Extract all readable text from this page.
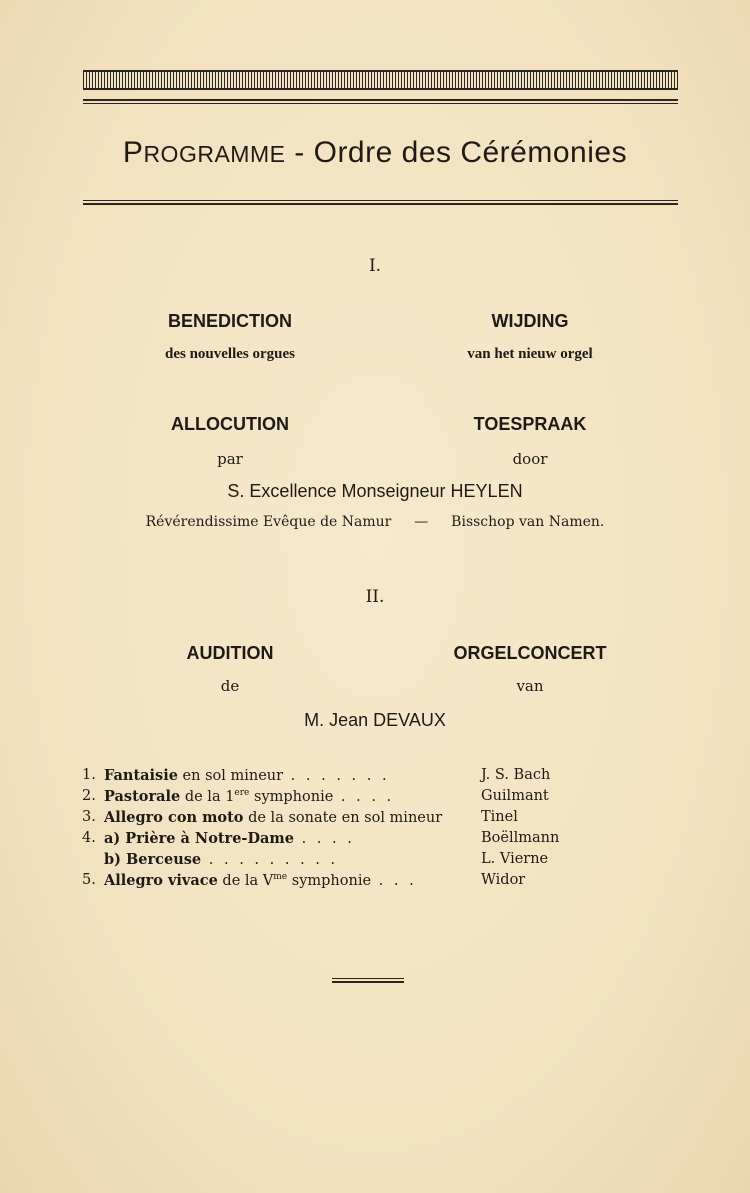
PROGRAMME - Ordre des Cérémonies
I.
BENEDICTION
des nouvelles orgues
WIJDING
van het nieuw orgel
ALLOCUTION
par
TOESPRAAK
door
S. Excellence Monseigneur HEYLEN
Révérendissime Evêque de Namur — Bisschop van Namen.
II.
AUDITION
de
ORGELCONCERT
van
M. Jean DEVAUX
1. Fantaisie en sol mineur . . . . . . .	J. S. Bach
2. Pastorale de la 1ere symphonie . . . .	Guilmant
3. Allegro con moto de la sonate en sol mineur	Tinel
4. a) Prière à Notre-Dame . . . .	Boëllmann
b) Berceuse . . . . . . . . .	L. Vierne
5. Allegro vivace de la $V^{me}$ symphonie . . .	Widor
